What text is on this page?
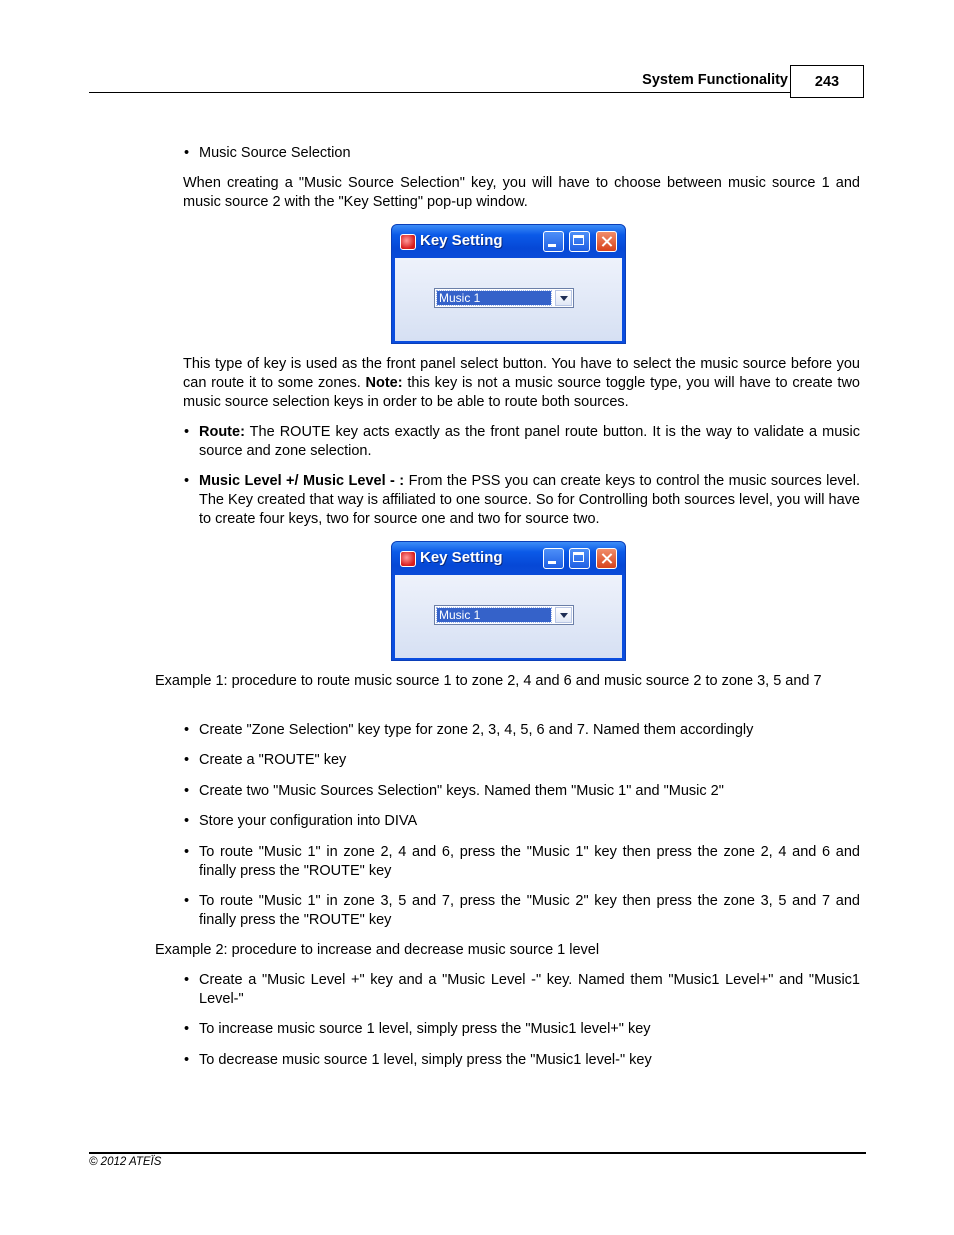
System Functionality	243
• Music Source Selection
When creating a "Music Source Selection" key, you will have to choose between music source 1 and music source 2 with the "Key Setting" pop-up window.
Key Setting
Music 1
This type of key is used as the front panel select button. You have to select the music source before you can route it to some zones. Note: this key is not a music source toggle type, you will have to create two music source selection keys in order to be able to route both sources.
• Route: The ROUTE key acts exactly as the front panel route button. It is the way to validate a music source and zone selection.
• Music Level +/ Music Level - : From the PSS you can create keys to control the music sources level. The Key created that way is affiliated to one source. So for Controlling both sources level, you will have to create four keys, two for source one and two for source two.
Key Setting
Music 1
Example 1: procedure to route music source 1 to zone 2, 4 and 6 and music source 2 to zone 3, 5 and 7
• Create "Zone Selection" key type for zone 2, 3, 4, 5, 6 and 7. Named them accordingly
• Create a "ROUTE" key
• Create two "Music Sources Selection" keys. Named them "Music 1" and "Music 2"
• Store your configuration into DIVA
• To route "Music 1" in zone 2, 4 and 6, press the "Music 1" key then press the zone 2, 4 and 6 and finally press the "ROUTE" key
• To route "Music 1" in zone 3, 5 and 7, press the "Music 2" key then press the zone 3, 5 and 7 and finally press the "ROUTE" key
Example 2: procedure to increase and decrease music source 1 level
• Create a "Music Level +" key and a "Music Level -" key. Named them "Music1 Level+" and "Music1 Level-"
• To increase music source 1 level, simply press the "Music1 level+" key
• To decrease music source 1 level, simply press the "Music1 level-" key
© 2012 ATEÏS
